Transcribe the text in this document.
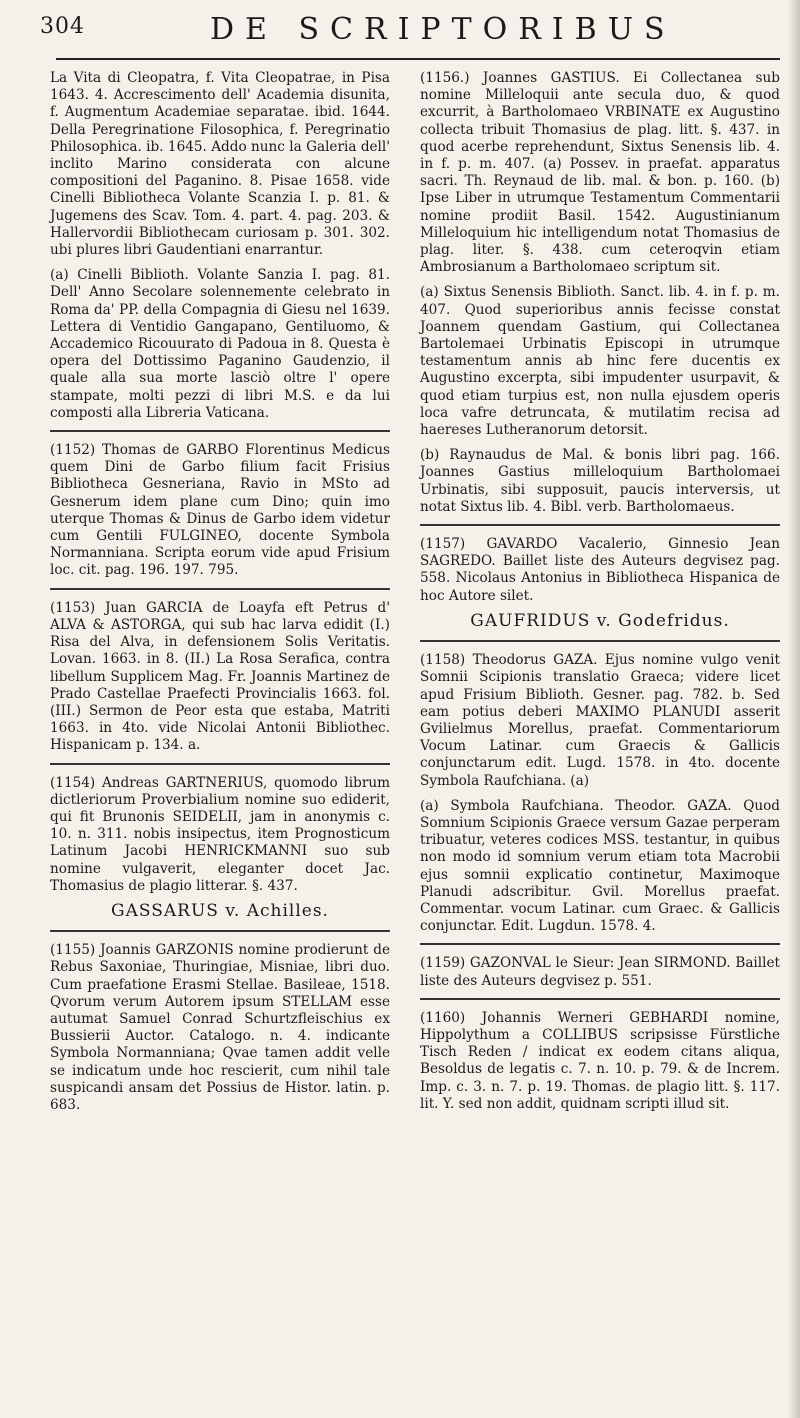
304	DE SCRIPTORIBUS

La Vita di Cleopatra, f. Vita Cleopatrae, in Pisa 1643. 4. Accrescimento dell' Academia disunita, f. Augmentum Academiae separatae. ibid. 1644. Della Peregrinatione Filosophica, f. Peregrinatio Philosophica. ib. 1645. Addo nunc la Galeria dell' inclito Marino considerata con alcune compositioni del Paganino. 8. Pisae 1658. vide Cinelli Bibliotheca Volante Scanzia I. p. 81. & Jugemens des Scav. Tom. 4. part. 4. pag. 203. & Hallervordii Bibliothecam curiosam p. 301. 302. ubi plures libri Gaudentiani enarrantur.

(a) Cinelli Biblioth. Volante Sanzia I. pag. 81. Dell' Anno Secolare solennemente celebrato in Roma da' PP. della Compagnia di Giesu nel 1639. Lettera di Ventidio Gangapano, Gentiluomo, & Accademico Ricouurato di Padoua in 8. Questa è opera del Dottissimo Paganino Gaudenzio, il quale alla sua morte lasciò oltre l' opere stampate, molti pezzi di libri M.S. e da lui composti alla Libreria Vaticana.

(1152) Thomas de GARBO Florentinus Medicus quem Dini de Garbo filium facit Frisius Bibliotheca Gesneriana, Ravio in MSto ad Gesnerum idem plane cum Dino; quin imo uterque Thomas & Dinus de Garbo idem videtur cum Gentili FULGINEO, docente Symbola Normanniana. Scripta eorum vide apud Frisium loc. cit. pag. 196. 197. 795.

(1153) Juan GARCIA de Loayfa eft Petrus d' ALVA & ASTORGA, qui sub hac larva edidit (I.) Risa del Alva, in defensionem Solis Veritatis. Lovan. 1663. in 8. (II.) La Rosa Serafica, contra libellum Supplicem Mag. Fr. Joannis Martinez de Prado Castellae Praefecti Provincialis 1663. fol. (III.) Sermon de Peor esta que estaba, Matriti 1663. in 4to. vide Nicolai Antonii Bibliothec. Hispanicam p. 134. a.

(1154) Andreas GARTNERIUS, quomodo librum dictleriorum Proverbialium nomine suo ediderit, qui fit Brunonis SEIDELII, jam in anonymis c. 10. n. 311. nobis insipectus, item Prognosticum Latinum Jacobi HENRICKMANNI suo sub nomine vulgaverit, eleganter docet Jac. Thomasius de plagio litterar. §. 437.

GASSARUS v. Achilles.

(1155) Joannis GARZONIS nomine prodierunt de Rebus Saxoniae, Thuringiae, Misniae, libri duo. Cum praefatione Erasmi Stellae. Basileae, 1518. Qvorum verum Autorem ipsum STELLAM esse autumat Samuel Conrad Schurtzfleischius ex Bussierii Auctor. Catalogo. n. 4. indicante Symbola Normanniana; Qvae tamen addit velle se indicatum unde hoc rescierit, cum nihil tale suspicandi ansam det Possius de Histor. latin. p. 683.

(1156.) Joannes GASTIUS. Ei Collectanea sub nomine Milleloquii ante secula duo, & quod excurrit, à Bartholomaeo VRBINATE ex Augustino collecta tribuit Thomasius de plag. litt. §. 437. in quod acerbe reprehendunt, Sixtus Senensis lib. 4. in f. p. m. 407. (a) Possev. in praefat. apparatus sacri. Th. Reynaud de lib. mal. & bon. p. 160. (b) Ipse Liber in utrumque Testamentum Commentarii nomine prodiit Basil. 1542. Augustinianum Milleloquium hic intelligendum notat Thomasius de plag. liter. §. 438. cum ceteroqvin etiam Ambrosianum a Bartholomaeo scriptum sit.

(a) Sixtus Senensis Biblioth. Sanct. lib. 4. in f. p. m. 407. Quod superioribus annis fecisse constat Joannem quendam Gastium, qui Collectanea Bartolemaei Urbinatis Episcopi in utrumque testamentum annis ab hinc fere ducentis ex Augustino excerpta, sibi impudenter usurpavit, & quod etiam turpius est, non nulla ejusdem operis loca vafre detruncata, & mutilatim recisa ad haereses Lutheranorum detorsit.

(b) Raynaudus de Mal. & bonis libri pag. 166. Joannes Gastius milleloquium Bartholomaei Urbinatis, sibi supposuit, paucis interversis, ut notat Sixtus lib. 4. Bibl. verb. Bartholomaeus.

(1157) GAVARDO Vacalerio, Ginnesio Jean SAGREDO. Baillet liste des Auteurs degvisez pag. 558. Nicolaus Antonius in Bibliotheca Hispanica de hoc Autore silet.

GAUFRIDUS v. Godefridus.

(1158) Theodorus GAZA. Ejus nomine vulgo venit Somnii Scipionis translatio Graeca; videre licet apud Frisium Biblioth. Gesner. pag. 782. b. Sed eam potius deberi MAXIMO PLANUDI asserit Gvilielmus Morellus, praefat. Commentariorum Vocum Latinar. cum Graecis & Gallicis conjunctarum edit. Lugd. 1578. in 4to. docente Symbola Raufchiana. (a)

(a) Symbola Raufchiana. Theodor. GAZA. Quod Somnium Scipionis Graece versum Gazae perperam tribuatur, veteres codices MSS. testantur, in quibus non modo id somnium verum etiam tota Macrobii ejus somnii explicatio continetur, Maximoque Planudi adscribitur. Gvil. Morellus praefat. Commentar. vocum Latinar. cum Graec. & Gallicis conjunctar. Edit. Lugdun. 1578. 4.

(1159) GAZONVAL le Sieur: Jean SIRMOND. Baillet liste des Auteurs degvisez p. 551.

(1160) Johannis Werneri GEBHARDI nomine, Hippolythum a COLLIBUS scripsisse Fürstliche Tisch Reden / indicat ex eodem citans aliqua, Besoldus de legatis c. 7. n. 10. p. 79. & de Increm. Imp. c. 3. n. 7. p. 19. Thomas. de plagio litt. §. 117. lit. Y. sed non addit, quidnam scripti illud sit.
